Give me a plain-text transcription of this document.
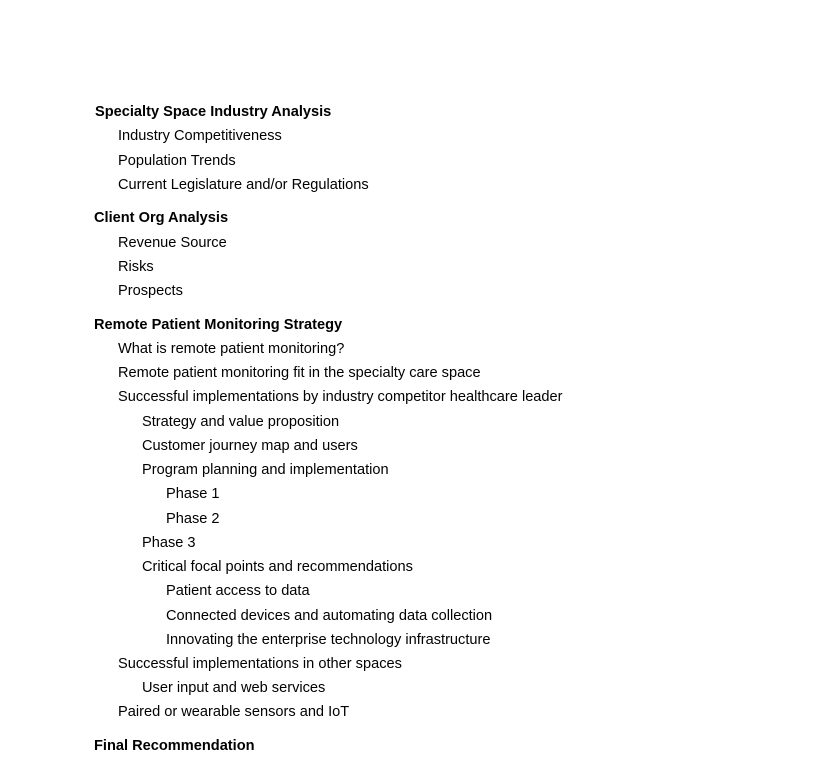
Specialty Space Industry Analysis
Industry Competitiveness
Population Trends
Current Legislature and/or Regulations
Client Org Analysis
Revenue Source
Risks
Prospects
Remote Patient Monitoring Strategy
What is remote patient monitoring?
Remote patient monitoring fit in the specialty care space
Successful implementations by industry competitor healthcare leader
Strategy and value proposition
Customer journey map and users
Program planning and implementation
Phase 1
Phase 2
Phase 3
Critical focal points and recommendations
Patient access to data
Connected devices and automating data collection
Innovating the enterprise technology infrastructure
Successful implementations in other spaces
User input and web services
Paired or wearable sensors and IoT
Final Recommendation
